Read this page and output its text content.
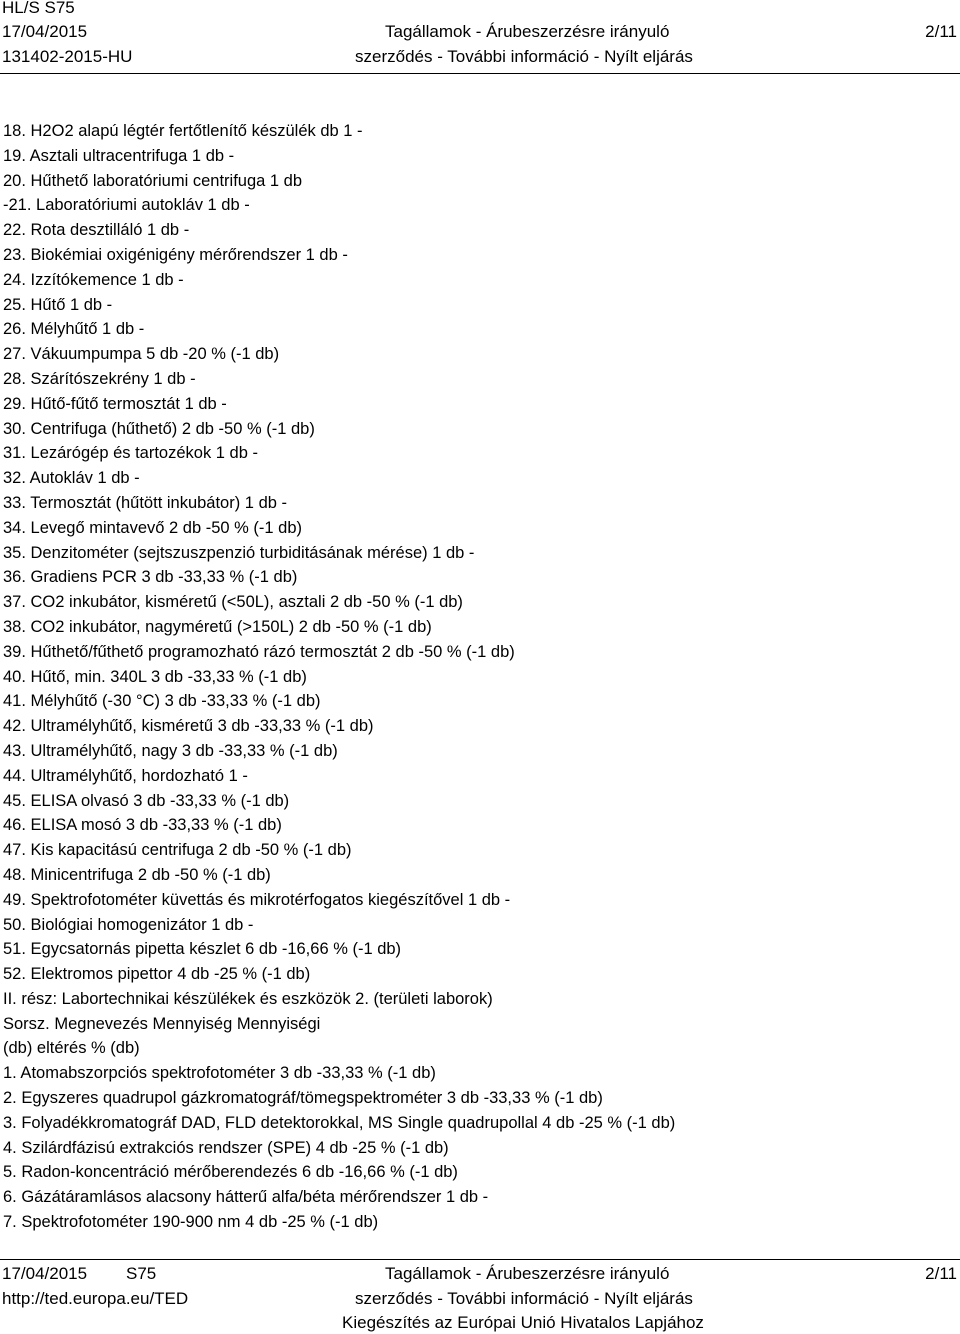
HL/S S75
17/04/2015
131402-2015-HU
Tagállamok - Árubeszerzésre irányuló
szerződés - További információ - Nyílt eljárás
2/11
18. H2O2 alapú légtér fertőtlenítő készülék db 1 -
19. Asztali ultracentrifuga 1 db -
20. Hűthető laboratóriumi centrifuga 1 db
-21. Laboratóriumi autokláv 1 db -
22. Rota desztilláló 1 db -
23. Biokémiai oxigénigény mérőrendszer 1 db -
24. Izzítókemence 1 db -
25. Hűtő 1 db -
26. Mélyhűtő 1 db -
27. Vákuumpumpa 5 db -20 % (-1 db)
28. Szárítószekrény 1 db -
29. Hűtő-fűtő termosztát 1 db -
30. Centrifuga (hűthető) 2 db -50 % (-1 db)
31. Lezárógép és tartozékok 1 db -
32. Autokláv 1 db -
33. Termosztát (hűtött inkubátor) 1 db -
34. Levegő mintavevő 2 db -50 % (-1 db)
35. Denzitométer (sejtszuszpenzió turbiditásának mérése) 1 db -
36. Gradiens PCR 3 db -33,33 % (-1 db)
37. CO2 inkubátor, kisméretű (<50L), asztali 2 db -50 % (-1 db)
38. CO2 inkubátor, nagyméretű (>150L) 2 db -50 % (-1 db)
39. Hűthető/fűthető programozható rázó termosztát 2 db -50 % (-1 db)
40. Hűtő, min. 340L 3 db -33,33 % (-1 db)
41. Mélyhűtő (-30 °C) 3 db -33,33 % (-1 db)
42. Ultramélyhűtő, kisméretű 3 db -33,33 % (-1 db)
43. Ultramélyhűtő, nagy 3 db -33,33 % (-1 db)
44. Ultramélyhűtő, hordozható 1 -
45. ELISA olvasó 3 db -33,33 % (-1 db)
46. ELISA mosó 3 db -33,33 % (-1 db)
47. Kis kapacitású centrifuga 2 db -50 % (-1 db)
48. Minicentrifuga 2 db -50 % (-1 db)
49. Spektrofotométer küvettás és mikrotérfogatos kiegészítővel 1 db -
50. Biológiai homogenizátor 1 db -
51. Egycsatornás pipetta készlet 6 db -16,66 % (-1 db)
52. Elektromos pipettor 4 db -25 % (-1 db)
II. rész: Labortechnikai készülékek és eszközök 2. (területi laborok)
Sorsz. Megnevezés Mennyiség Mennyiségi
(db) eltérés % (db)
1. Atomabszorpciós spektrofotométer 3 db -33,33 % (-1 db)
2. Egyszeres quadrupol gázkromatográf/tömegspektrométer 3 db -33,33 % (-1 db)
3. Folyadékkromatográf DAD, FLD detektorokkal, MS Single quadrupollal 4 db -25 % (-1 db)
4. Szilárdfázisú extrakciós rendszer (SPE) 4 db -25 % (-1 db)
5. Radon-koncentráció mérőberendezés 6 db -16,66 % (-1 db)
6. Gázátáramlásos alacsony hátterű alfa/béta mérőrendszer 1 db -
7. Spektrofotométer 190-900 nm 4 db -25 % (-1 db)
17/04/2015 S75
http://ted.europa.eu/TED
Tagállamok - Árubeszerzésre irányuló
szerződés - További információ - Nyílt eljárás
Kiegészítés az Európai Unió Hivatalos Lapjához
2/11
